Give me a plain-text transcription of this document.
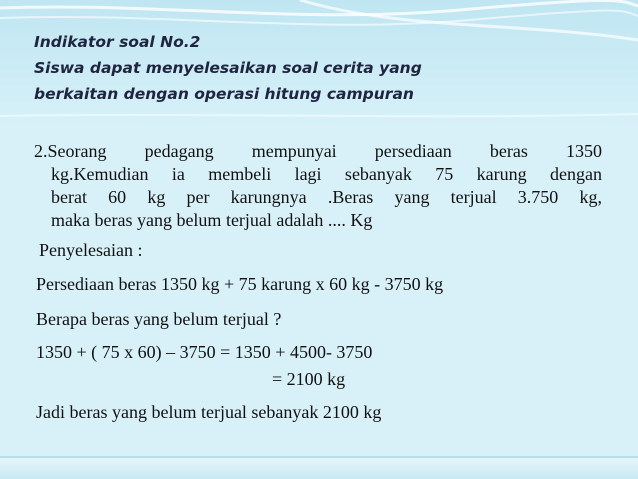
Indikator soal No.2
Siswa dapat menyelesaikan soal cerita yang
berkaitan dengan operasi hitung campuran
2.Seorang pedagang mempunyai persediaan beras 1350
kg.Kemudian ia membeli lagi sebanyak 75 karung dengan
berat 60 kg per karungnya .Beras yang terjual 3.750 kg,
maka beras yang belum terjual adalah .... Kg
Penyelesaian :
Persediaan beras 1350 kg + 75 karung x 60 kg - 3750 kg
Berapa beras yang belum terjual ?
1350 + ( 75 x 60) – 3750 = 1350 + 4500- 3750
= 2100 kg
Jadi beras yang belum terjual sebanyak 2100 kg
